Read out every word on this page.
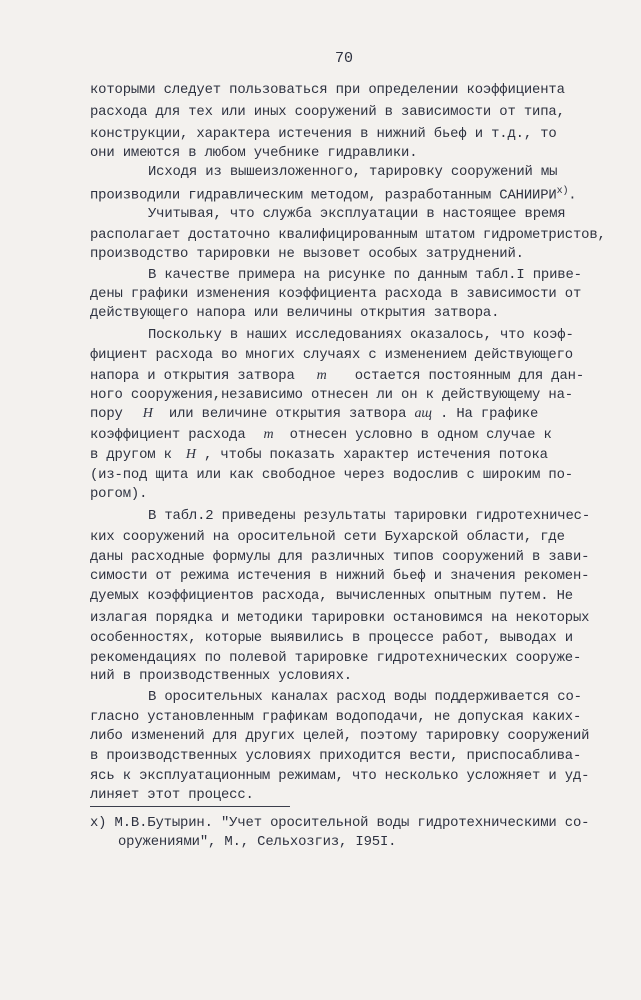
70
которыми следует пользоваться при определении коэффициента
расхода для тех или иных сооружений в зависимости от типа,
конструкции, характера истечения в нижний бьеф и т.д., то
они имеются в любом учебнике гидравлики.
Исходя из вышеизложенного, тарировку сооружений мы
производили гидравлическим методом, разработанным $САНИИРИ^{х)}$.
Учитывая, что служба эксплуатации в настоящее время
располагает достаточно квалифицированным штатом гидрометристов,
производство тарировки не вызовет особых затруднений.
В качестве примера на рисунке по данным табл.I приве-
дены графики изменения коэффициента расхода в зависимости от
действующего напора или величины открытия затвора.
Поскольку в наших исследованиях оказалось, что коэф-
фициент расхода во многих случаях с изменением действующего
напора и открытия затвора m остается постоянным для дан-
ного сооружения,независимо отнесен ли он к действующему на-
пору H или величине открытия затвора aщ . На графике
коэффициент расхода m отнесен условно в одном случае к
в другом к H , чтобы показать характер истечения потока
(из-под щита или как свободное через водослив с широким по-
рогом).
В табл.2 приведены результаты тарировки гидротехничес-
ких сооружений на оросительной сети Бухарской области, где
даны расходные формулы для различных типов сооружений в зави-
симости от режима истечения в нижний бьеф и значения рекомен-
дуемых коэффициентов расхода, вычисленных опытным путем. Не
излагая порядка и методики тарировки остановимся на некоторых
особенностях, которые выявились в процессе работ, выводах и
рекомендациях по полевой тарировке гидротехнических сооруже-
ний в производственных условиях.
В оросительных каналах расход воды поддерживается со-
гласно установленным графикам водоподачи, не допуская каких-
либо изменений для других целей, поэтому тарировку сооружений
в производственных условиях приходится вести, приспосаблива-
ясь к эксплуатационным режимам, что несколько усложняет и уд-
линяет этот процесс.
х) М.В.Бутырин. "Учет оросительной воды гидротехническими со-
оружениями", М., Сельхозгиз, I95I.
